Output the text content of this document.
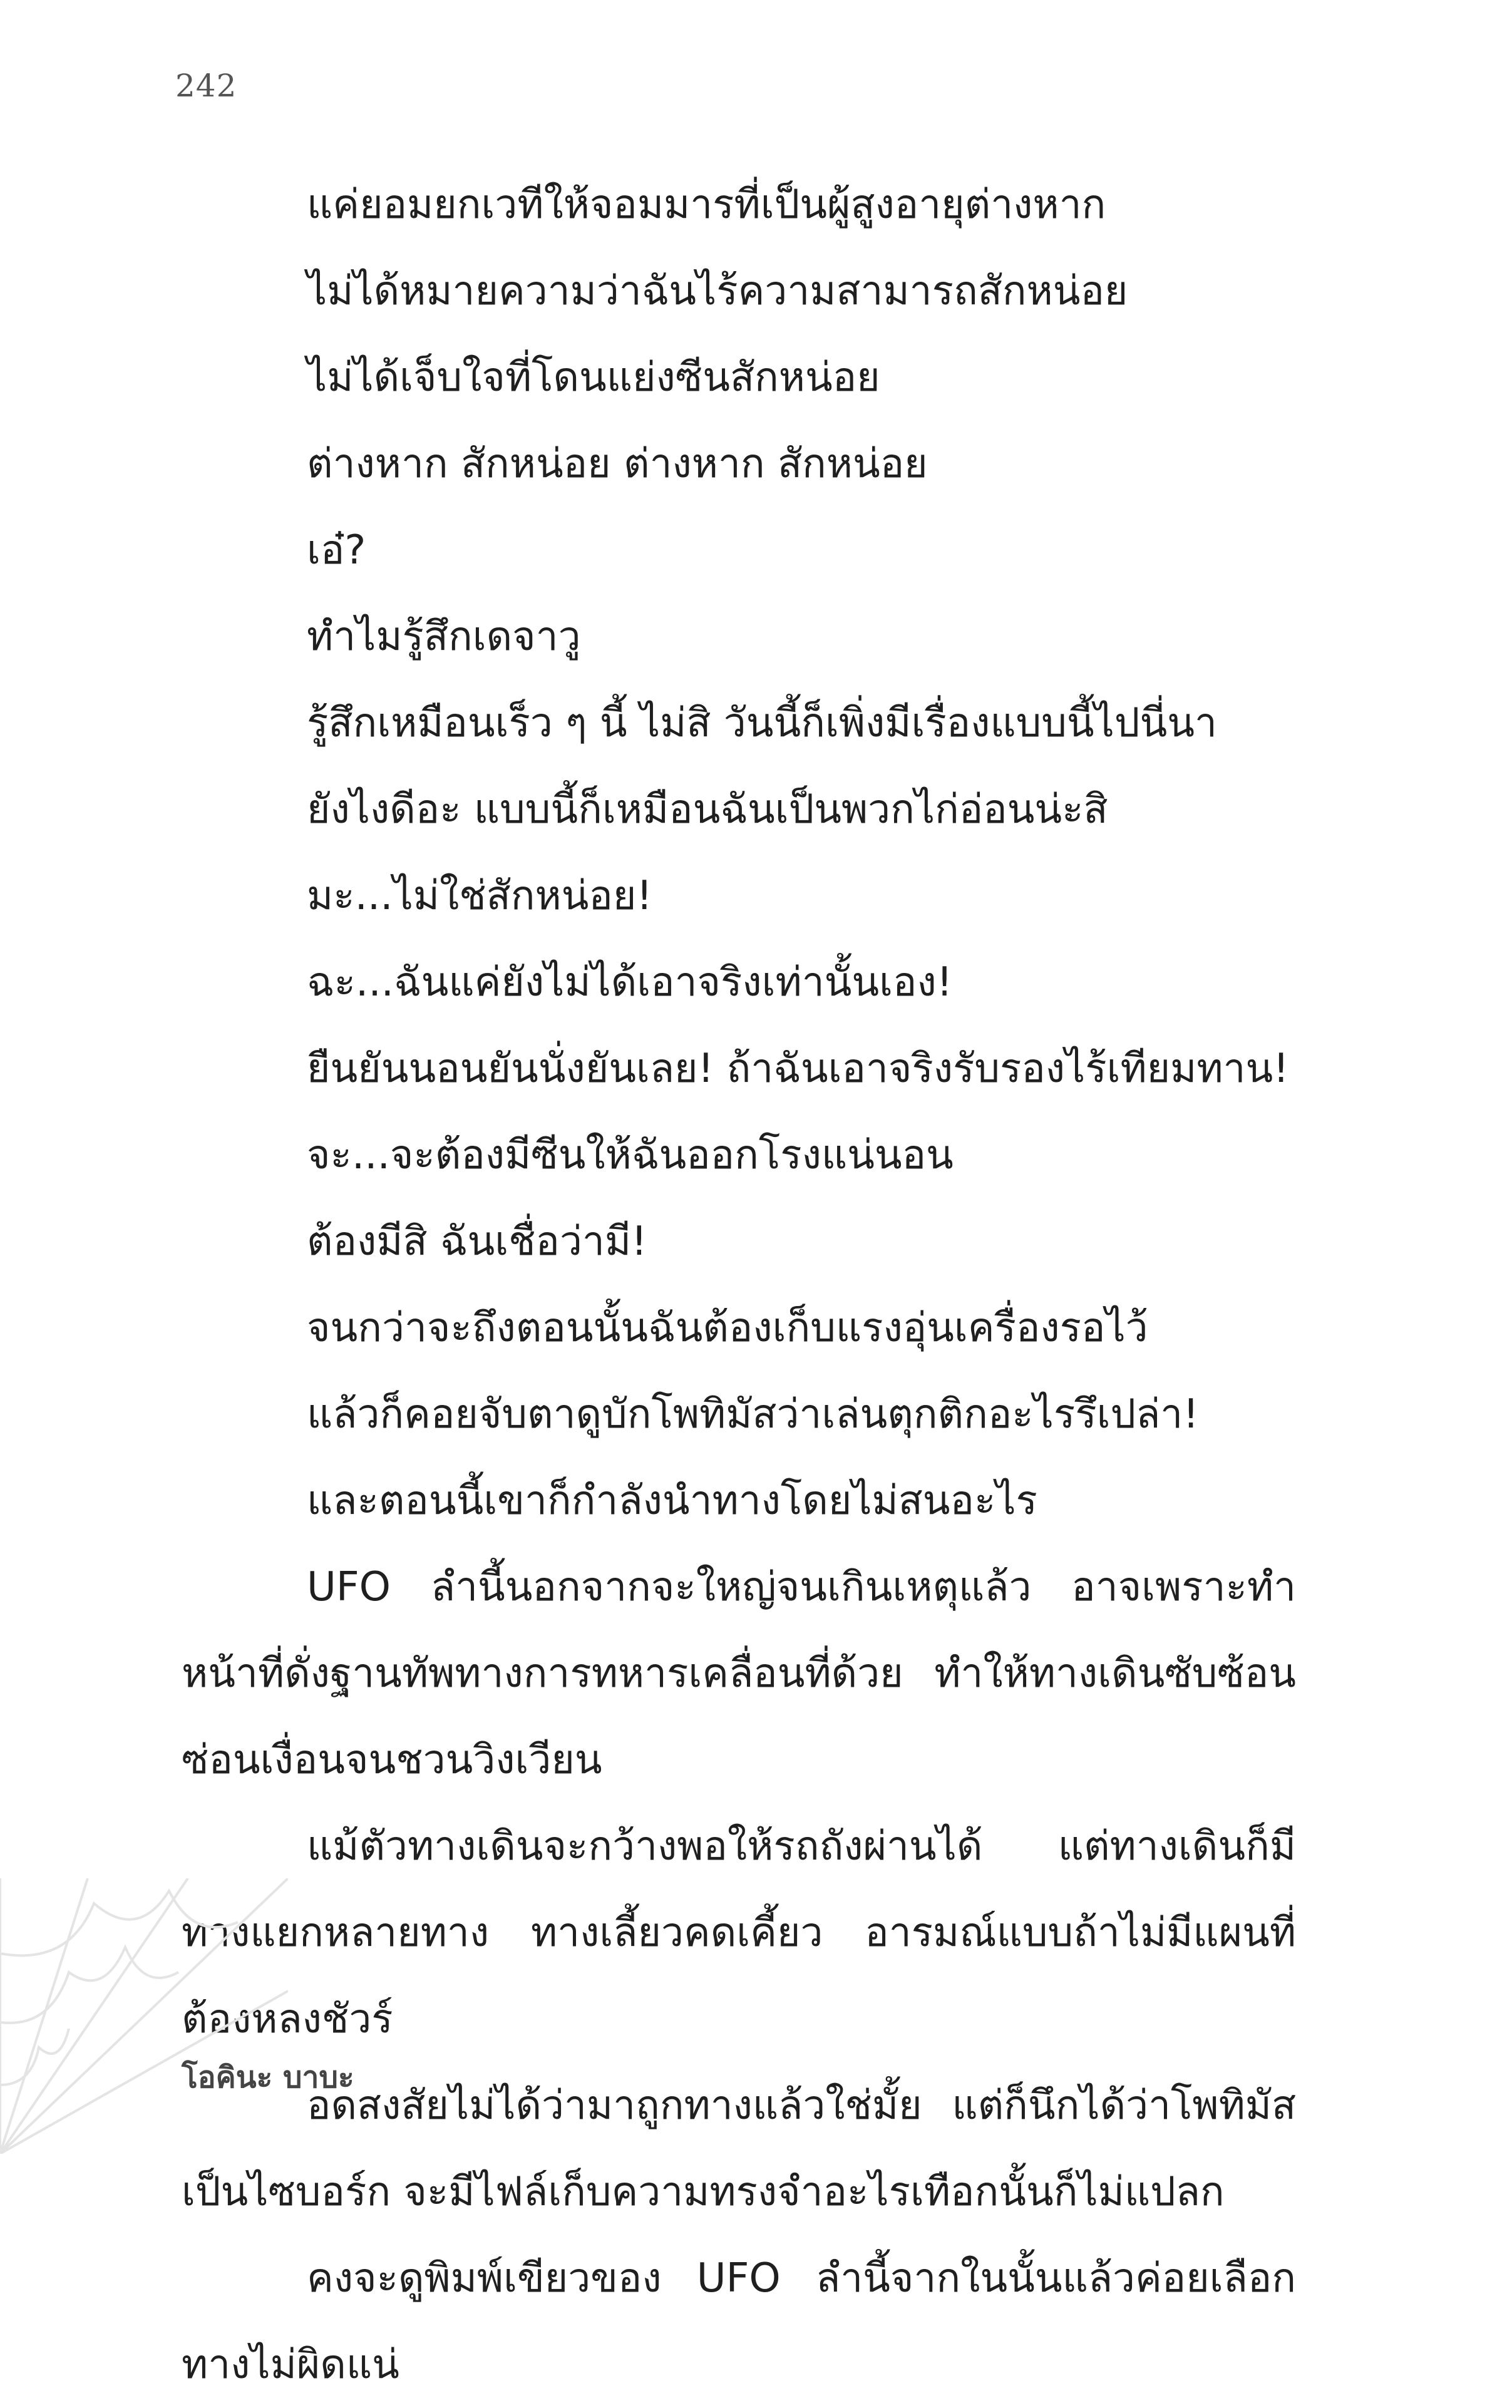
242
แค่ยอมยกเวทีให้จอมมารที่เป็นผู้สูงอายุต่างหาก
ไม่ได้หมายความว่าฉันไร้ความสามารถสักหน่อย
ไม่ได้เจ็บใจที่โดนแย่งซีนสักหน่อย
ต่างหาก สักหน่อย ต่างหาก สักหน่อย
เอ๋?
ทำไมรู้สึกเดจาวู
รู้สึกเหมือนเร็ว ๆ นี้ ไม่สิ วันนี้ก็เพิ่งมีเรื่องแบบนี้ไปนี่นา
ยังไงดีอะ แบบนี้ก็เหมือนฉันเป็นพวกไก่อ่อนน่ะสิ
มะ...ไม่ใช่สักหน่อย!
ฉะ...ฉันแค่ยังไม่ได้เอาจริงเท่านั้นเอง!
ยืนยันนอนยันนั่งยันเลย! ถ้าฉันเอาจริงรับรองไร้เทียมทาน!
จะ...จะต้องมีซีนให้ฉันออกโรงแน่นอน
ต้องมีสิ ฉันเชื่อว่ามี!
จนกว่าจะถึงตอนนั้นฉันต้องเก็บแรงอุ่นเครื่องรอไว้
แล้วก็คอยจับตาดูบักโพทิมัสว่าเล่นตุกติกอะไรรึเปล่า!
และตอนนี้เขาก็กำลังนำทางโดยไม่สนอะไร

UFO ลำนี้นอกจากจะใหญ่จนเกินเหตุแล้ว อาจเพราะทำหน้าที่ดั่งฐานทัพทางการทหารเคลื่อนที่ด้วย ทำให้ทางเดินซับซ้อนซ่อนเงื่อนจนชวนวิงเวียน

แม้ตัวทางเดินจะกว้างพอให้รถถังผ่านได้ แต่ทางเดินก็มีทางแยกหลายทาง ทางเลี้ยวคดเคี้ยว อารมณ์แบบถ้าไม่มีแผนที่ต้องหลงชัวร์

อดสงสัยไม่ได้ว่ามาถูกทางแล้วใช่มั้ย แต่ก็นึกได้ว่าโพทิมัสเป็นไซบอร์ก จะมีไฟล์เก็บความทรงจำอะไรเทือกนั้นก็ไม่แปลก

คงจะดูพิมพ์เขียวของ UFO ลำนี้จากในนั้นแล้วค่อยเลือกทางไม่ผิดแน่

โอคินะ บาบะ
